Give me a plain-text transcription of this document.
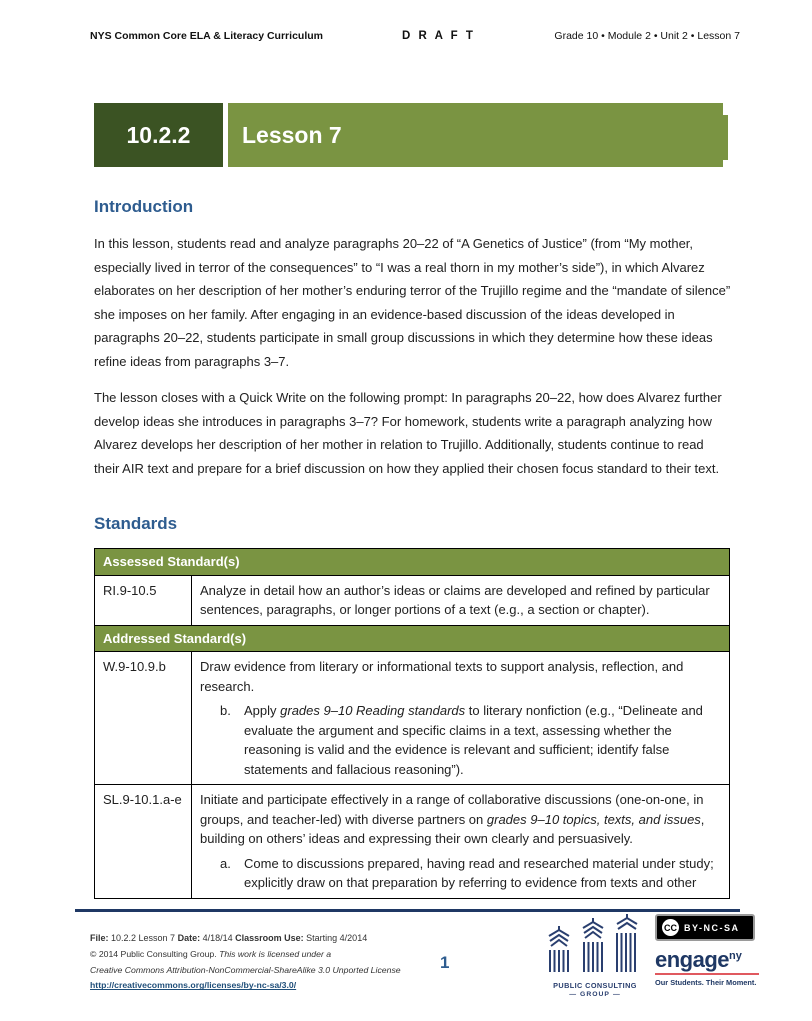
NYS Common Core ELA & Literacy Curriculum	D R A F T	Grade 10 • Module 2 • Unit 2 • Lesson 7
10.2.2	Lesson 7
Introduction

In this lesson, students read and analyze paragraphs 20–22 of “A Genetics of Justice” (from “My mother, especially lived in terror of the consequences” to “I was a real thorn in my mother’s side”), in which Alvarez elaborates on her description of her mother’s enduring terror of the Trujillo regime and the “mandate of silence” she imposes on her family. After engaging in an evidence-based discussion of the ideas developed in paragraphs 20–22, students participate in small group discussions in which they determine how these ideas refine ideas from paragraphs 3–7.

The lesson closes with a Quick Write on the following prompt: In paragraphs 20–22, how does Alvarez further develop ideas she introduces in paragraphs 3–7? For homework, students write a paragraph analyzing how Alvarez develops her description of her mother in relation to Trujillo. Additionally, students continue to read their AIR text and prepare for a brief discussion on how they applied their chosen focus standard to their text.

Standards
Assessed Standard(s)	
RI.9-10.5	Analyze in detail how an author’s ideas or claims are developed and refined by particular sentences, paragraphs, or longer portions of a text (e.g., a section or chapter).
Addressed Standard(s)	
W.9-10.9.b	Draw evidence from literary or informational texts to support analysis, reflection, and research.
b. Apply grades 9–10 Reading standards to literary nonfiction (e.g., “Delineate and evaluate the argument and specific claims in a text, assessing whether the reasoning is valid and the evidence is relevant and sufficient; identify false statements and fallacious reasoning”).

SL.9-10.1.a-e	Initiate and participate effectively in a range of collaborative discussions (one-on-one, in groups, and teacher-led) with diverse partners on grades 9–10 topics, texts, and issues, building on others’ ideas and expressing their own clearly and persuasively.
a. Come to discussions prepared, having read and researched material under study; explicitly draw on that preparation by referring to evidence from texts and other
File: 10.2.2 Lesson 7 Date: 4/18/14 Classroom Use: Starting 4/2014
© 2014 Public Consulting Group. This work is licensed under a
Creative Commons Attribution-NonCommercial-ShareAlike 3.0 Unported License
http://creativecommons.org/licenses/by-nc-sa/3.0/
1
PUBLIC CONSULTING
— GROUP —
CC BY-NC-SA
engage$^{ny}$
Our Students. Their Moment.
